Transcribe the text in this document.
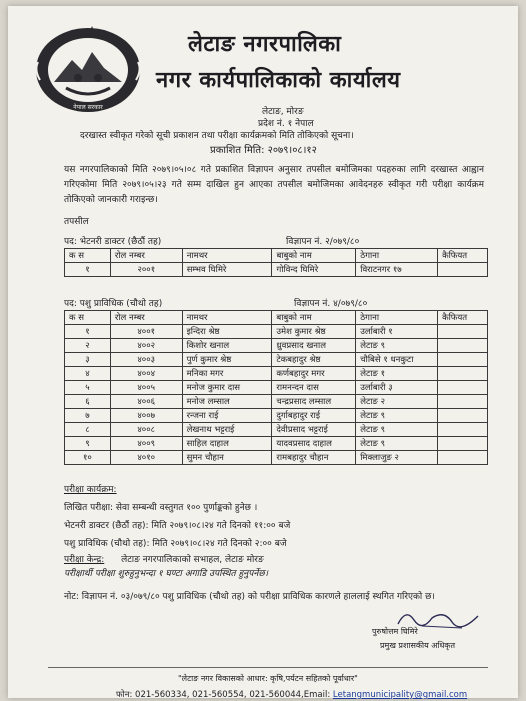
नेपाल सरकार
लेटाङ नगरपालिका
नगर कार्यपालिकाको कार्यालय
लेटाङ, मोरङ
प्रदेश नं. १ नेपाल
दरखास्त स्वीकृत गरेको सूची प्रकाशन तथा परीक्षा कार्यक्रमको मिति तोकिएको सूचना।
प्रकाशित मिति: २०७९।०८।१२
यस नगरपालिकाको मिति २०७९।०५।०८ गते प्रकाशित विज्ञापन अनुसार तपसील बमोजिमका पदहरुका लागि दरखास्त आह्वान गरिएकोमा मिति २०७९।०५।२३ गते सम्म दाखिल हुन आएका तपसील बमोजिमका आवेदनहरु स्वीकृत गरी परीक्षा कार्यक्रम तोकिएको जानकारी गराइन्छ।
तपसील
पद: भेटनरी डाक्टर (छैठौं तह)	विज्ञापन नं. २/०७९/८०
क स	रोल नम्बर	नामथर	बाबुको नाम	ठेगाना	कैफियत
१	२००१	सम्भव घिमिरे	गोविन्द घिमिरे	विराटनगर १७	
पद: पशु प्राविधिक (चौथो तह)	विज्ञापन नं. ४/०७९/८०
क स	रोल नम्बर	नामथर	बाबुको नाम	ठेगाना	कैफियत
१	४००१	इन्दिरा श्रेष्ठ	उमेश कुमार श्रेष्ठ	उर्लाबारी १	
२	४००२	किशोर खनाल	ध्रुवप्रसाद खनाल	लेटाङ ९	
३	४००३	पुर्ण कुमार श्रेष्ठ	टेकबहादुर श्रेष्ठ	चौबिसे १ धनकुटा	
४	४००४	मनिका मगर	कर्णबहादुर मगर	लेटाङ १	
५	४००५	मनोज कुमार दास	रामनन्दन दास	उर्लाबारी ३	
६	४००६	मनोज लम्साल	चन्द्रप्रसाद लम्साल	लेटाङ २	
७	४००७	रन्जना राई	दुर्गाबहादुर राई	लेटाङ ९	
८	४००८	लेखनाथ भट्टराई	देवीप्रसाद भट्टराई	लेटाङ ९	
९	४००९	साहिल दाहाल	यादवप्रसाद दाहाल	लेटाङ ९	
१०	४०१०	सुमन चौहान	रामबहादुर चौहान	मिक्लाजुङ २	
परीक्षा कार्यक्रम:
लिखित परीक्षा: सेवा सम्बन्धी वस्तुगत १०० पुर्णाङ्कको हुनेछ ।
भेटनरी डाक्टर (छैठौं तह): मिति २०७९।०८।२४ गते दिनको ११:०० बजे
पशु प्राविधिक (चौथो तह): मिति २०७९।०८।२४ गते दिनको २:०० बजे
परीक्षा केन्द्र: लेटाङ नगरपालिकाको सभाहल, लेटाङ मोरङ
परीक्षार्थी परीक्षा शुरुहुनुभन्दा १ घण्टा अगाडि उपस्थित हुनुपर्नेछ।
नोट: विज्ञापन नं. ०३/०७९/८० पशु प्राविधिक (चौथो तह) को परीक्षा प्राविधिक कारणले हाललाई स्थगित गरिएको छ।
पुरुषोत्तम घिमिरे
प्रमुख प्रशासकीय अधिकृत
"लेटाङ नगर विकासको आधार: कृषि,पर्यटन सहितको पूर्वाधार"
फोन: 021-560334, 021-560554, 021-560044,Email: Letangmunicipality@gmail.com
